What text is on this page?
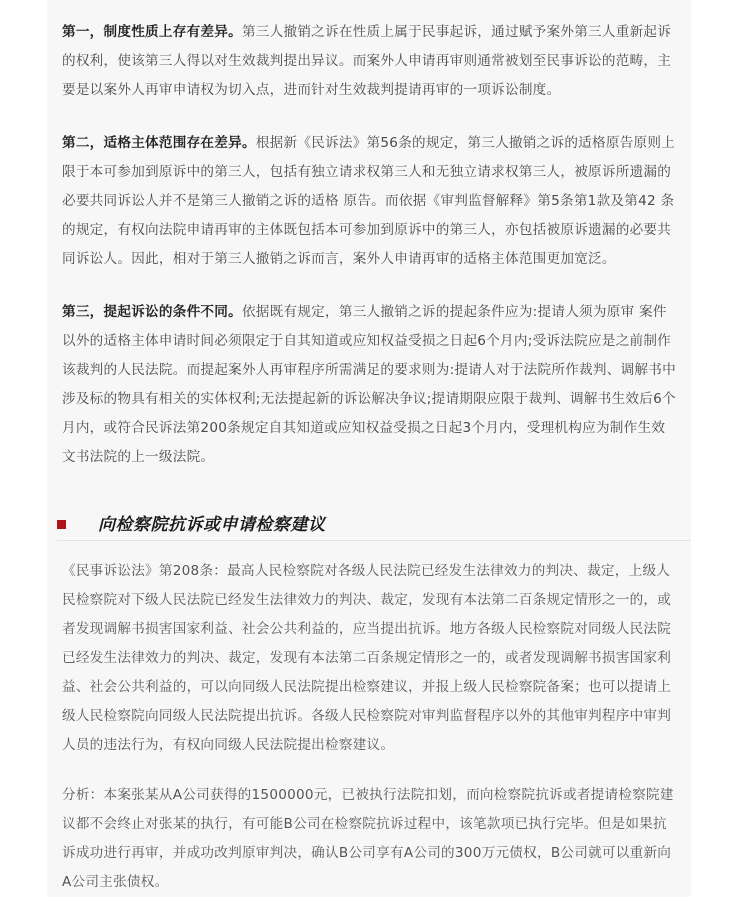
第一，制度性质上存有差异。第三人撤销之诉在性质上属于民事起诉，通过赋予案外第三人重新起诉的权利，使该第三人得以对生效裁判提出异议。而案外人申请再审则通常被划至民事诉讼的范畴，主要是以案外人再审申请权为切入点，进而针对生效裁判提请再审的一项诉讼制度。

第二，适格主体范围存在差异。根据新《民诉法》第56条的规定，第三人撤销之诉的适格原告原则上限于本可参加到原诉中的第三人，包括有独立请求权第三人和无独立请求权第三人，被原诉所遗漏的必要共同诉讼人并不是第三人撤销之诉的适格 原告。而依据《审判监督解释》第5条第1款及第42 条的规定，有权向法院申请再审的主体既包括本可参加到原诉中的第三人，亦包括被原诉遗漏的必要共同诉讼人。因此，相对于第三人撤销之诉而言，案外人申请再审的适格主体范围更加宽泛。

第三，提起诉讼的条件不同。依据既有规定，第三人撤销之诉的提起条件应为:提请人须为原审 案件以外的适格主体申请时间必须限定于自其知道或应知权益受损之日起6个月内;受诉法院应是之前制作该裁判的人民法院。而提起案外人再审程序所需满足的要求则为:提请人对于法院所作裁判、调解书中涉及标的物具有相关的实体权利;无法提起新的诉讼解决争议;提请期限应限于裁判、调解书生效后6个月内，或符合民诉法第200条规定自其知道或应知权益受损之日起3个月内，受理机构应为制作生效文书法院的上一级法院。

向检察院抗诉或申请检察建议

《民事诉讼法》第208条：最高人民检察院对各级人民法院已经发生法律效力的判决、裁定，上级人民检察院对下级人民法院已经发生法律效力的判决、裁定，发现有本法第二百条规定情形之一的，或者发现调解书损害国家利益、社会公共利益的，应当提出抗诉。地方各级人民检察院对同级人民法院已经发生法律效力的判决、裁定，发现有本法第二百条规定情形之一的，或者发现调解书损害国家利益、社会公共利益的，可以向同级人民法院提出检察建议，并报上级人民检察院备案；也可以提请上级人民检察院向同级人民法院提出抗诉。各级人民检察院对审判监督程序以外的其他审判程序中审判人员的违法行为，有权向同级人民法院提出检察建议。

分析：本案张某从A公司获得的1500000元，已被执行法院扣划，而向检察院抗诉或者提请检察院建议都不会终止对张某的执行，有可能B公司在检察院抗诉过程中，该笔款项已执行完毕。但是如果抗诉成功进行再审，并成功改判原审判决，确认B公司享有A公司的300万元债权，B公司就可以重新向A公司主张债权。
